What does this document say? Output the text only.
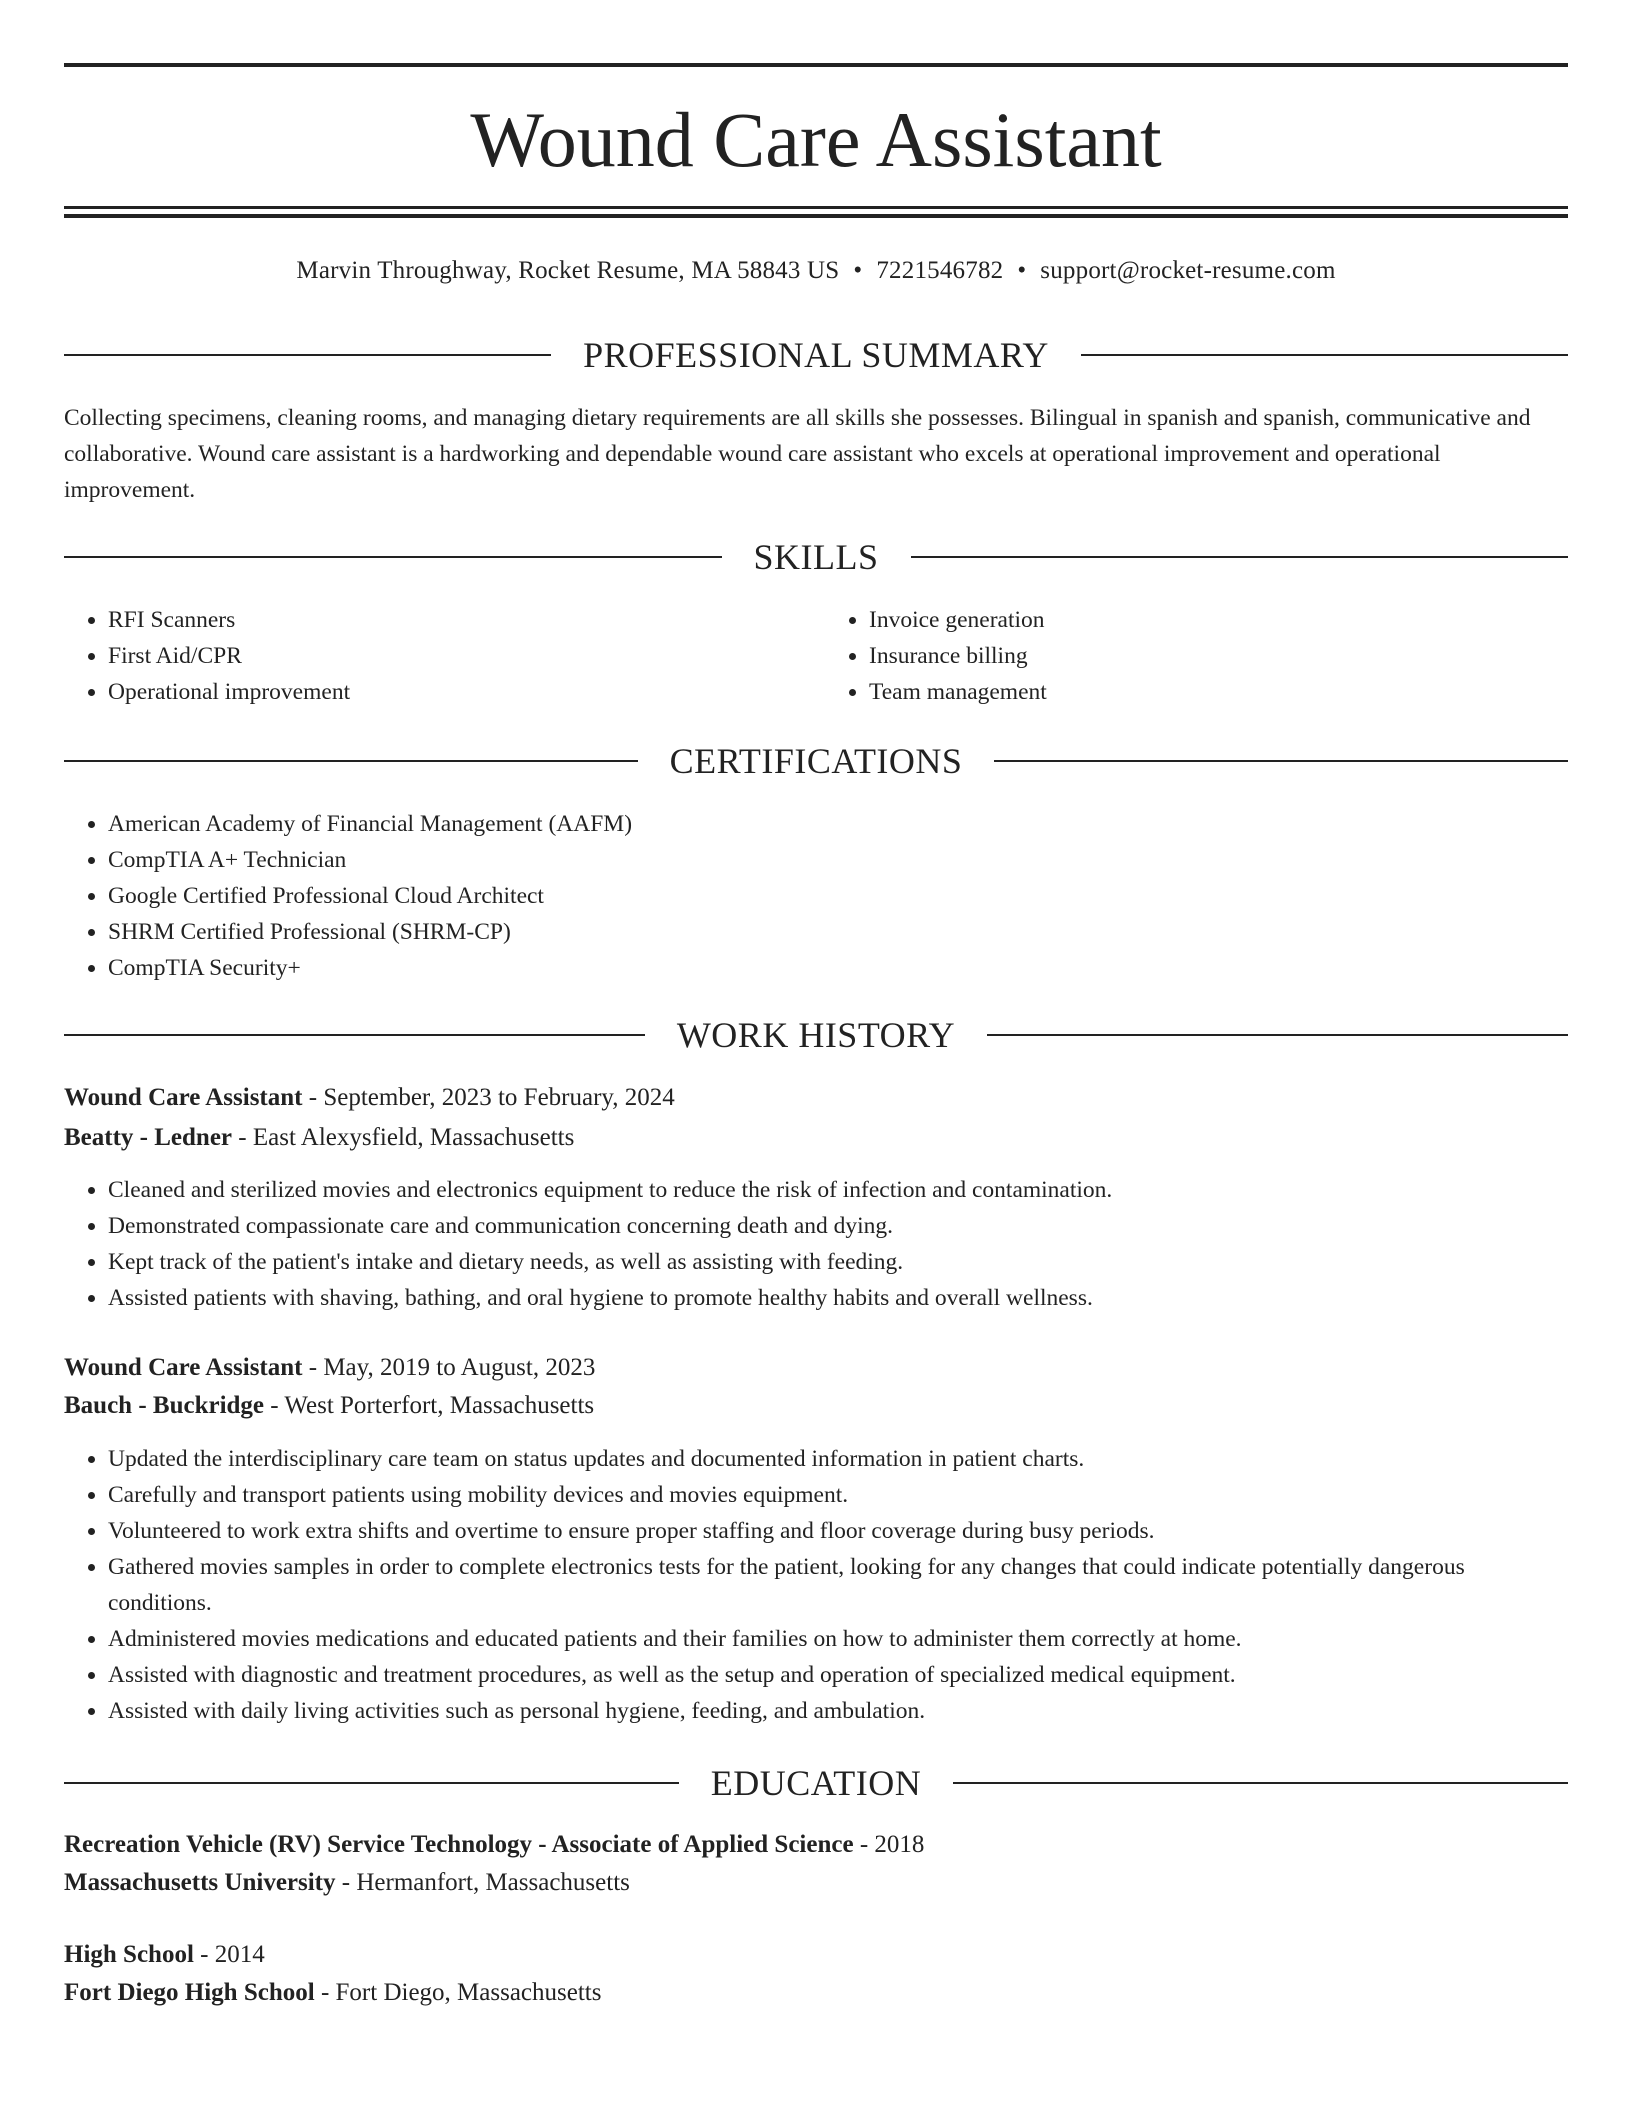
Wound Care Assistant
Marvin Throughway, Rocket Resume, MA 58843 US • 7221546782 • support@rocket-resume.com
PROFESSIONAL SUMMARY
Collecting specimens, cleaning rooms, and managing dietary requirements are all skills she possesses. Bilingual in spanish and spanish, communicative and collaborative. Wound care assistant is a hardworking and dependable wound care assistant who excels at operational improvement and operational improvement.
SKILLS
• RFI Scanners
• First Aid/CPR
• Operational improvement
• Invoice generation
• Insurance billing
• Team management
CERTIFICATIONS
• American Academy of Financial Management (AAFM)
• CompTIA A+ Technician
• Google Certified Professional Cloud Architect
• SHRM Certified Professional (SHRM-CP)
• CompTIA Security+
WORK HISTORY
Wound Care Assistant - September, 2023 to February, 2024
Beatty - Ledner - East Alexysfield, Massachusetts
• Cleaned and sterilized movies and electronics equipment to reduce the risk of infection and contamination.
• Demonstrated compassionate care and communication concerning death and dying.
• Kept track of the patient's intake and dietary needs, as well as assisting with feeding.
• Assisted patients with shaving, bathing, and oral hygiene to promote healthy habits and overall wellness.
Wound Care Assistant - May, 2019 to August, 2023
Bauch - Buckridge - West Porterfort, Massachusetts
• Updated the interdisciplinary care team on status updates and documented information in patient charts.
• Carefully and transport patients using mobility devices and movies equipment.
• Volunteered to work extra shifts and overtime to ensure proper staffing and floor coverage during busy periods.
• Gathered movies samples in order to complete electronics tests for the patient, looking for any changes that could indicate potentially dangerous conditions.
• Administered movies medications and educated patients and their families on how to administer them correctly at home.
• Assisted with diagnostic and treatment procedures, as well as the setup and operation of specialized medical equipment.
• Assisted with daily living activities such as personal hygiene, feeding, and ambulation.
EDUCATION
Recreation Vehicle (RV) Service Technology - Associate of Applied Science - 2018
Massachusetts University - Hermanfort, Massachusetts
High School - 2014
Fort Diego High School - Fort Diego, Massachusetts
